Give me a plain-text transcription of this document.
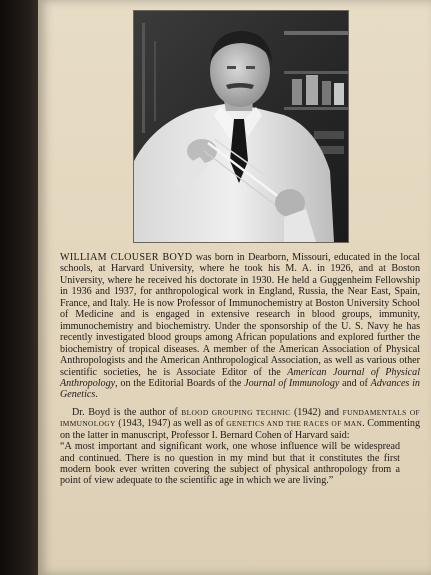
WILLIAM CLOUSER BOYD was born in Dearborn, Missouri, educated in the local schools, at Harvard University, where he took his M. A. in 1926, and at Boston University, where he received his doctorate in 1930. He held a Guggenheim Fellowship in 1936 and 1937, for anthropological work in England, Russia, the Near East, Spain, France, and Italy. He is now Professor of Immunochemistry at Boston University School of Medicine and is engaged in extensive research in blood groups, immunity, immunochemistry and biochemistry. Under the sponsorship of the U. S. Navy he has recently investigated blood groups among African populations and explored further the biochemistry of tropical diseases. A member of the American Association of Physical Anthropologists and the American Anthropological Association, as well as various other scientific societies, he is Associate Editor of the American Journal of Physical Anthropology, on the Editorial Boards of the Journal of Immunology and of Advances in Genetics.

Dr. Boyd is the author of BLOOD GROUPING TECHNIC (1942) and FUNDAMENTALS OF IMMUNOLOGY (1943, 1947) as well as of GENETICS AND THE RACES OF MAN. Commenting on the latter in manuscript, Professor I. Bernard Cohen of Harvard said:

“A most important and significant work, one whose influence will be widespread and continued. There is no question in my mind but that it constitutes the first modern book ever written covering the subject of physical anthropology from a point of view adequate to the scientific age in which we are living.”
